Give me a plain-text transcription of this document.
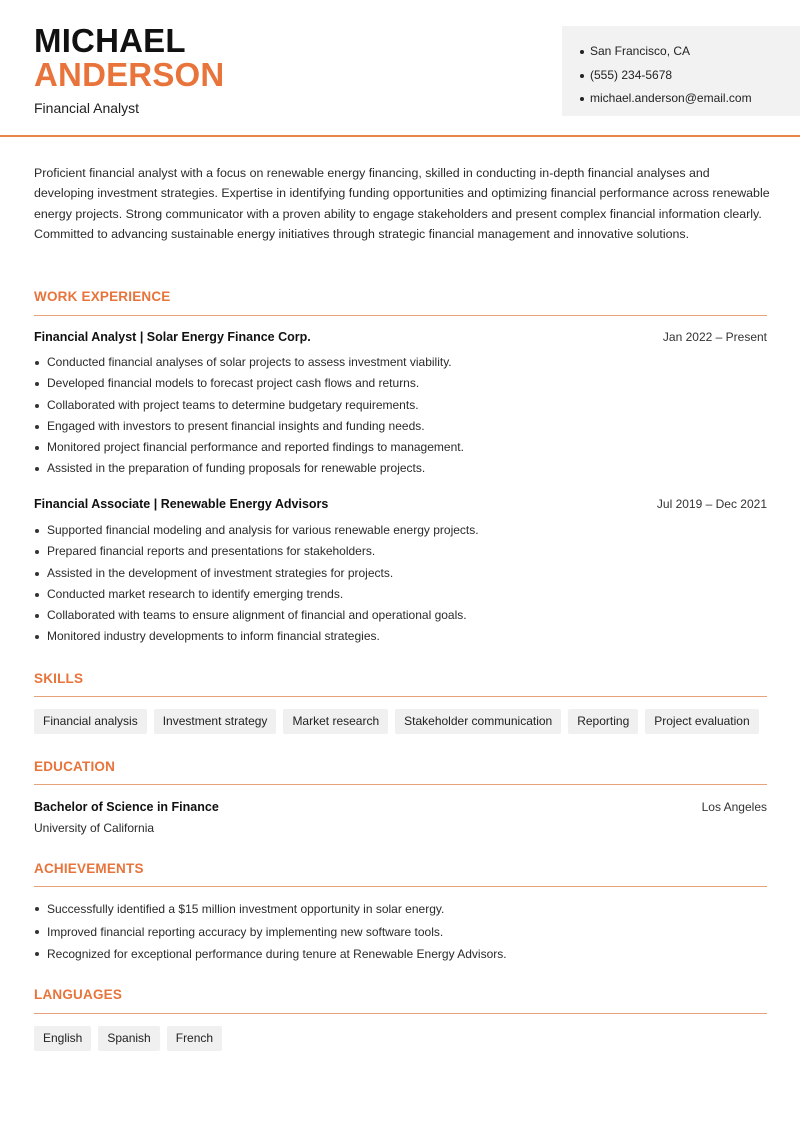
MICHAEL
ANDERSON
Financial Analyst
San Francisco, CA
(555) 234-5678
michael.anderson@email.com

Proficient financial analyst with a focus on renewable energy financing, skilled in conducting in-depth financial analyses and developing investment strategies. Expertise in identifying funding opportunities and optimizing financial performance across renewable energy projects. Strong communicator with a proven ability to engage stakeholders and present complex financial information clearly. Committed to advancing sustainable energy initiatives through strategic financial management and innovative solutions.

WORK EXPERIENCE
Financial Analyst | Solar Energy Finance Corp.	Jan 2022 – Present
Conducted financial analyses of solar projects to assess investment viability.
Developed financial models to forecast project cash flows and returns.
Collaborated with project teams to determine budgetary requirements.
Engaged with investors to present financial insights and funding needs.
Monitored project financial performance and reported findings to management.
Assisted in the preparation of funding proposals for renewable projects.
Financial Associate | Renewable Energy Advisors	Jul 2019 – Dec 2021
Supported financial modeling and analysis for various renewable energy projects.
Prepared financial reports and presentations for stakeholders.
Assisted in the development of investment strategies for projects.
Conducted market research to identify emerging trends.
Collaborated with teams to ensure alignment of financial and operational goals.
Monitored industry developments to inform financial strategies.
SKILLS
Financial analysis	Investment strategy	Market research	Stakeholder communication	Reporting	Project evaluation
EDUCATION
Bachelor of Science in Finance	Los Angeles
University of California
ACHIEVEMENTS
Successfully identified a $15 million investment opportunity in solar energy.
Improved financial reporting accuracy by implementing new software tools.
Recognized for exceptional performance during tenure at Renewable Energy Advisors.
LANGUAGES
English	Spanish	French
